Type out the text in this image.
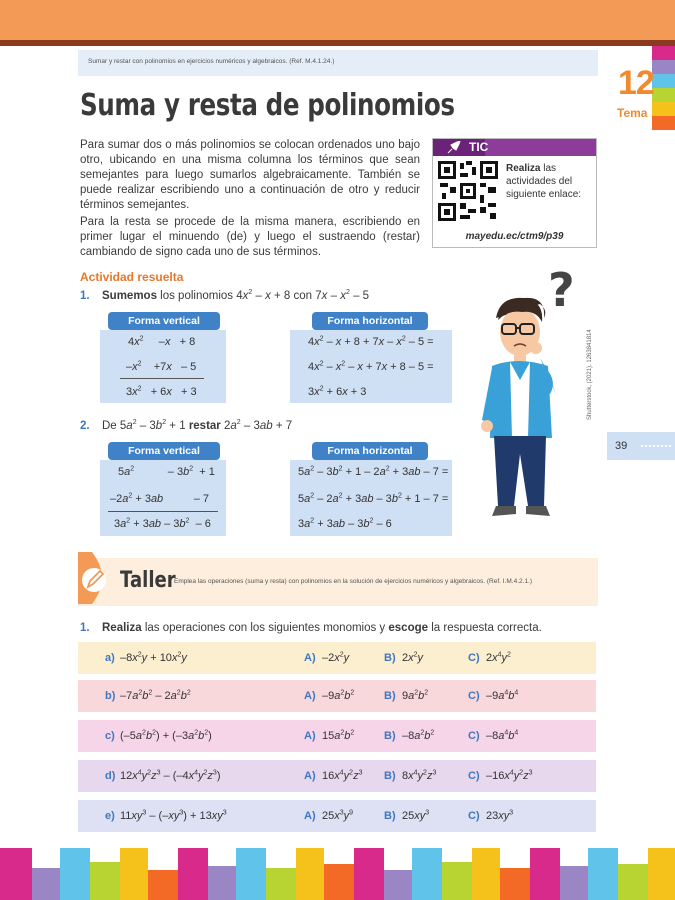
Sumar y restar con polinomios en ejercicios numéricos y algebraicos. (Ref. M.4.1.24.)
12
Tema
Suma y resta de polinomios
Para sumar dos o más polinomios se colocan ordenados uno bajo otro, ubicando en una misma columna los términos que sean semejantes para luego sumarlos algebraicamente. También se puede realizar escribiendo uno a continuación de otro y reducir términos semejantes.
Para la resta se procede de la misma manera, escribiendo en primer lugar el minuendo (de) y luego el sustraendo (restar) cambiando de signo cada uno de sus términos.
TIC
Realiza las actividades del siguiente enlace:
mayedu.ec/ctm9/p39
Actividad resuelta
1. Sumemos los polinomios $4x^2 - x + 8$ con $7x - x^2 - 5$
Forma vertical
$4x^2$     –x   + 8
$-x^2$    +7x   – 5
$3x^2 + 6x + 3$
Forma horizontal
$4x^2 - x + 8 + 7x - x^2 - 5$ =
$4x^2 - x^2 - x + 7x + 8 - 5$ =
$3x^2 + 6x + 3$
2. De $5a^2 - 3b^2 + 1$ restar $2a^2 - 3ab + 7$
Forma vertical
$5a^2$           – $3b^2 + 1$
$-2a^2 + 3ab$          – 7
$3a^2 + 3ab - 3b^2 - 6$
Forma horizontal
$5a^2 - 3b^2 + 1 - 2a^2 + 3ab - 7$ =
$5a^2 - 2a^2 + 3ab - 3b^2 + 1 - 7$ =
$3a^2 + 3ab - 3b^2 - 6$
?
Shutterstock, (2021). 1263841814
39
Taller
Emplea las operaciones (suma y resta) con polinomios en la solución de ejercicios numéricos y algebraicos. (Ref. I.M.4.2.1.)
1. Realiza las operaciones con los siguientes monomios y escoge la respuesta correcta.
a) $-8x^2y + 10x^2y$	A) $-2x^2y$	B) $2x^2y$	C) $2x^4y^2$
b) $-7a^2b^2 - 2a^2b^2$	A) $-9a^2b^2$	B) $9a^2b^2$	C) $-9a^4b^4$
c) $(-5a^2b^2) + (-3a^2b^2)$	A) $15a^2b^2$	B) $-8a^2b^2$	C) $-8a^4b^4$
d) $12x^4y^2z^3 - (-4x^4y^2z^3)$	A) $16x^4y^2z^3$ B) $8x^4y^2z^3$	C) $-16x^4y^2z^3$
e) $11xy^3 - (-xy^3) + 13xy^3$	A) $25x^3y^9$	B) $25xy^3$	C) $23xy^3$
